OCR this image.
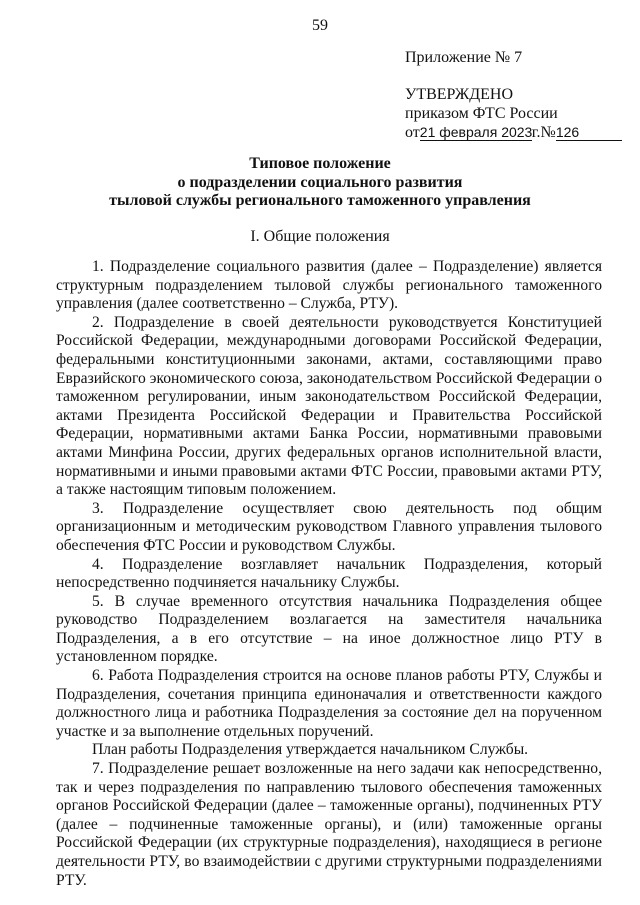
59
Приложение № 7
УТВЕРЖДЕНО
приказом ФТС России
от21 февраля 2023г.№126
Типовое положение
о подразделении социального развития
тыловой службы регионального таможенного управления
I. Общие положения

1. Подразделение социального развития (далее – Подразделение) является структурным подразделением тыловой службы регионального таможенного управления (далее соответственно – Служба, РТУ).

2. Подразделение в своей деятельности руководствуется Конституцией Российской Федерации, международными договорами Российской Федерации, федеральными конституционными законами, актами, составляющими право Евразийского экономического союза, законодательством Российской Федерации о таможенном регулировании, иным законодательством Российской Федерации, актами Президента Российской Федерации и Правительства Российской Федерации, нормативными актами Банка России, нормативными правовыми актами Минфина России, других федеральных органов исполнительной власти, нормативными и иными правовыми актами ФТС России, правовыми актами РТУ, а также настоящим типовым положением.

3. Подразделение осуществляет свою деятельность под общим организационным и методическим руководством Главного управления тылового обеспечения ФТС России и руководством Службы.

4. Подразделение возглавляет начальник Подразделения, который непосредственно подчиняется начальнику Службы.

5. В случае временного отсутствия начальника Подразделения общее руководство Подразделением возлагается на заместителя начальника Подразделения, а в его отсутствие – на иное должностное лицо РТУ в установленном порядке.

6. Работа Подразделения строится на основе планов работы РТУ, Службы и Подразделения, сочетания принципа единоначалия и ответственности каждого должностного лица и работника Подразделения за состояние дел на порученном участке и за выполнение отдельных поручений.

План работы Подразделения утверждается начальником Службы.

7. Подразделение решает возложенные на него задачи как непосредственно, так и через подразделения по направлению тылового обеспечения таможенных органов Российской Федерации (далее – таможенные органы), подчиненных РТУ (далее – подчиненные таможенные органы), и (или) таможенные органы Российской Федерации (их структурные подразделения), находящиеся в регионе деятельности РТУ, во взаимодействии с другими структурными подразделениями РТУ.
